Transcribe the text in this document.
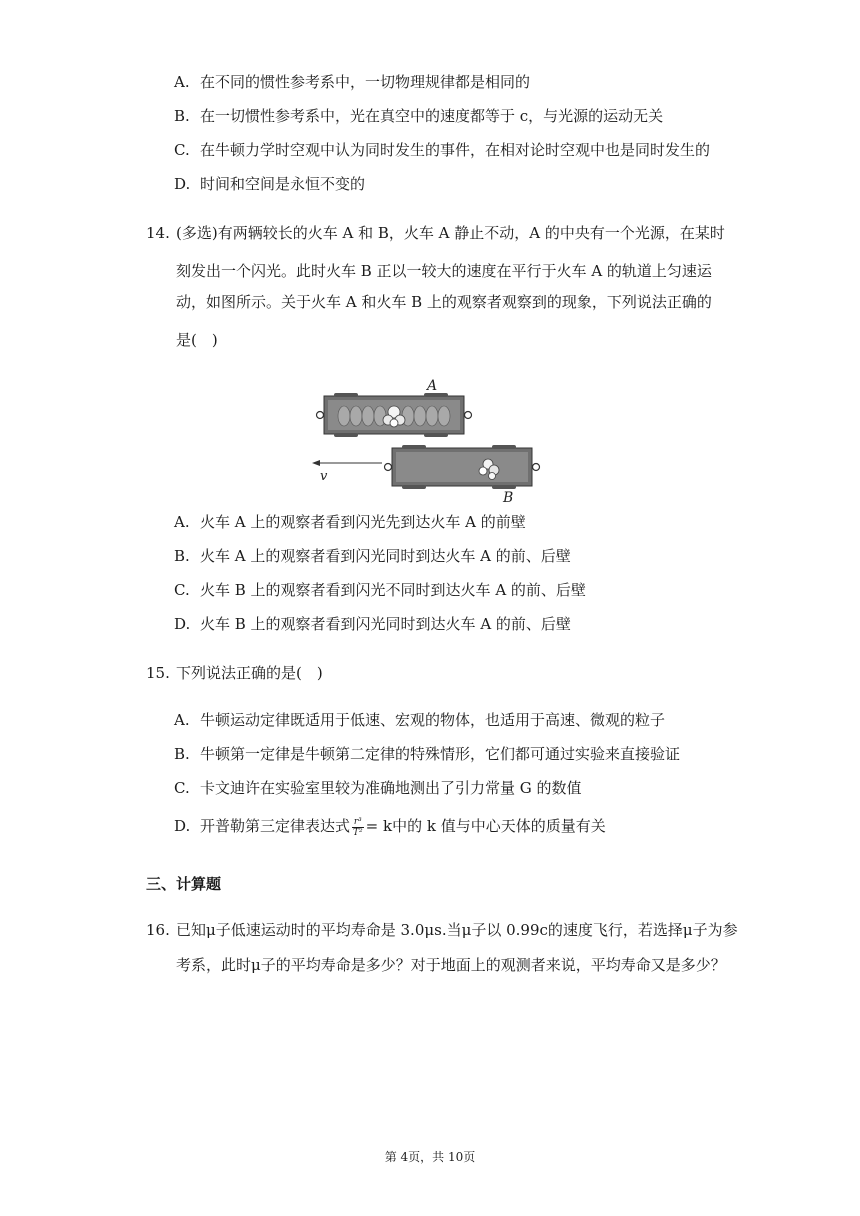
A. 在不同的惯性参考系中，一切物理规律都是相同的
B. 在一切惯性参考系中，光在真空中的速度都等于 c，与光源的运动无关
C. 在牛顿力学时空观中认为同时发生的事件，在相对论时空观中也是同时发生的
D. 时间和空间是永恒不变的
14. (多选)有两辆较长的火车 A 和 B，火车 A 静止不动，A 的中央有一个光源，在某时
刻发出一个闪光。此时火车 B 正以一较大的速度在平行于火车 A 的轨道上匀速运
动，如图所示。关于火车 A 和火车 B 上的观察者观察到的现象，下列说法正确的
是(　)
A
B
v
A. 火车 A 上的观察者看到闪光先到达火车 A 的前壁
B. 火车 A 上的观察者看到闪光同时到达火车 A 的前、后壁
C. 火车 B 上的观察者看到闪光不同时到达火车 A 的前、后壁
D. 火车 B 上的观察者看到闪光同时到达火车 A 的前、后壁
15. 下列说法正确的是(　)
A. 牛顿运动定律既适用于低速、宏观的物体，也适用于高速、微观的粒子
B. 牛顿第一定律是牛顿第二定律的特殊情形，它们都可通过实验来直接验证
C. 卡文迪许在实验室里较为准确地测出了引力常量 G 的数值
D. 开普勒第三定律表达式 $\frac{\text{r³}}{\text{T²}} = k$中的 k 值与中心天体的质量有关
三、计算题
16. 已知μ子低速运动时的平均寿命是 3.0μs.当μ子以 0.99c的速度飞行，若选择μ子为参
考系，此时μ子的平均寿命是多少？对于地面上的观测者来说，平均寿命又是多少？
第 4页，共 10页
